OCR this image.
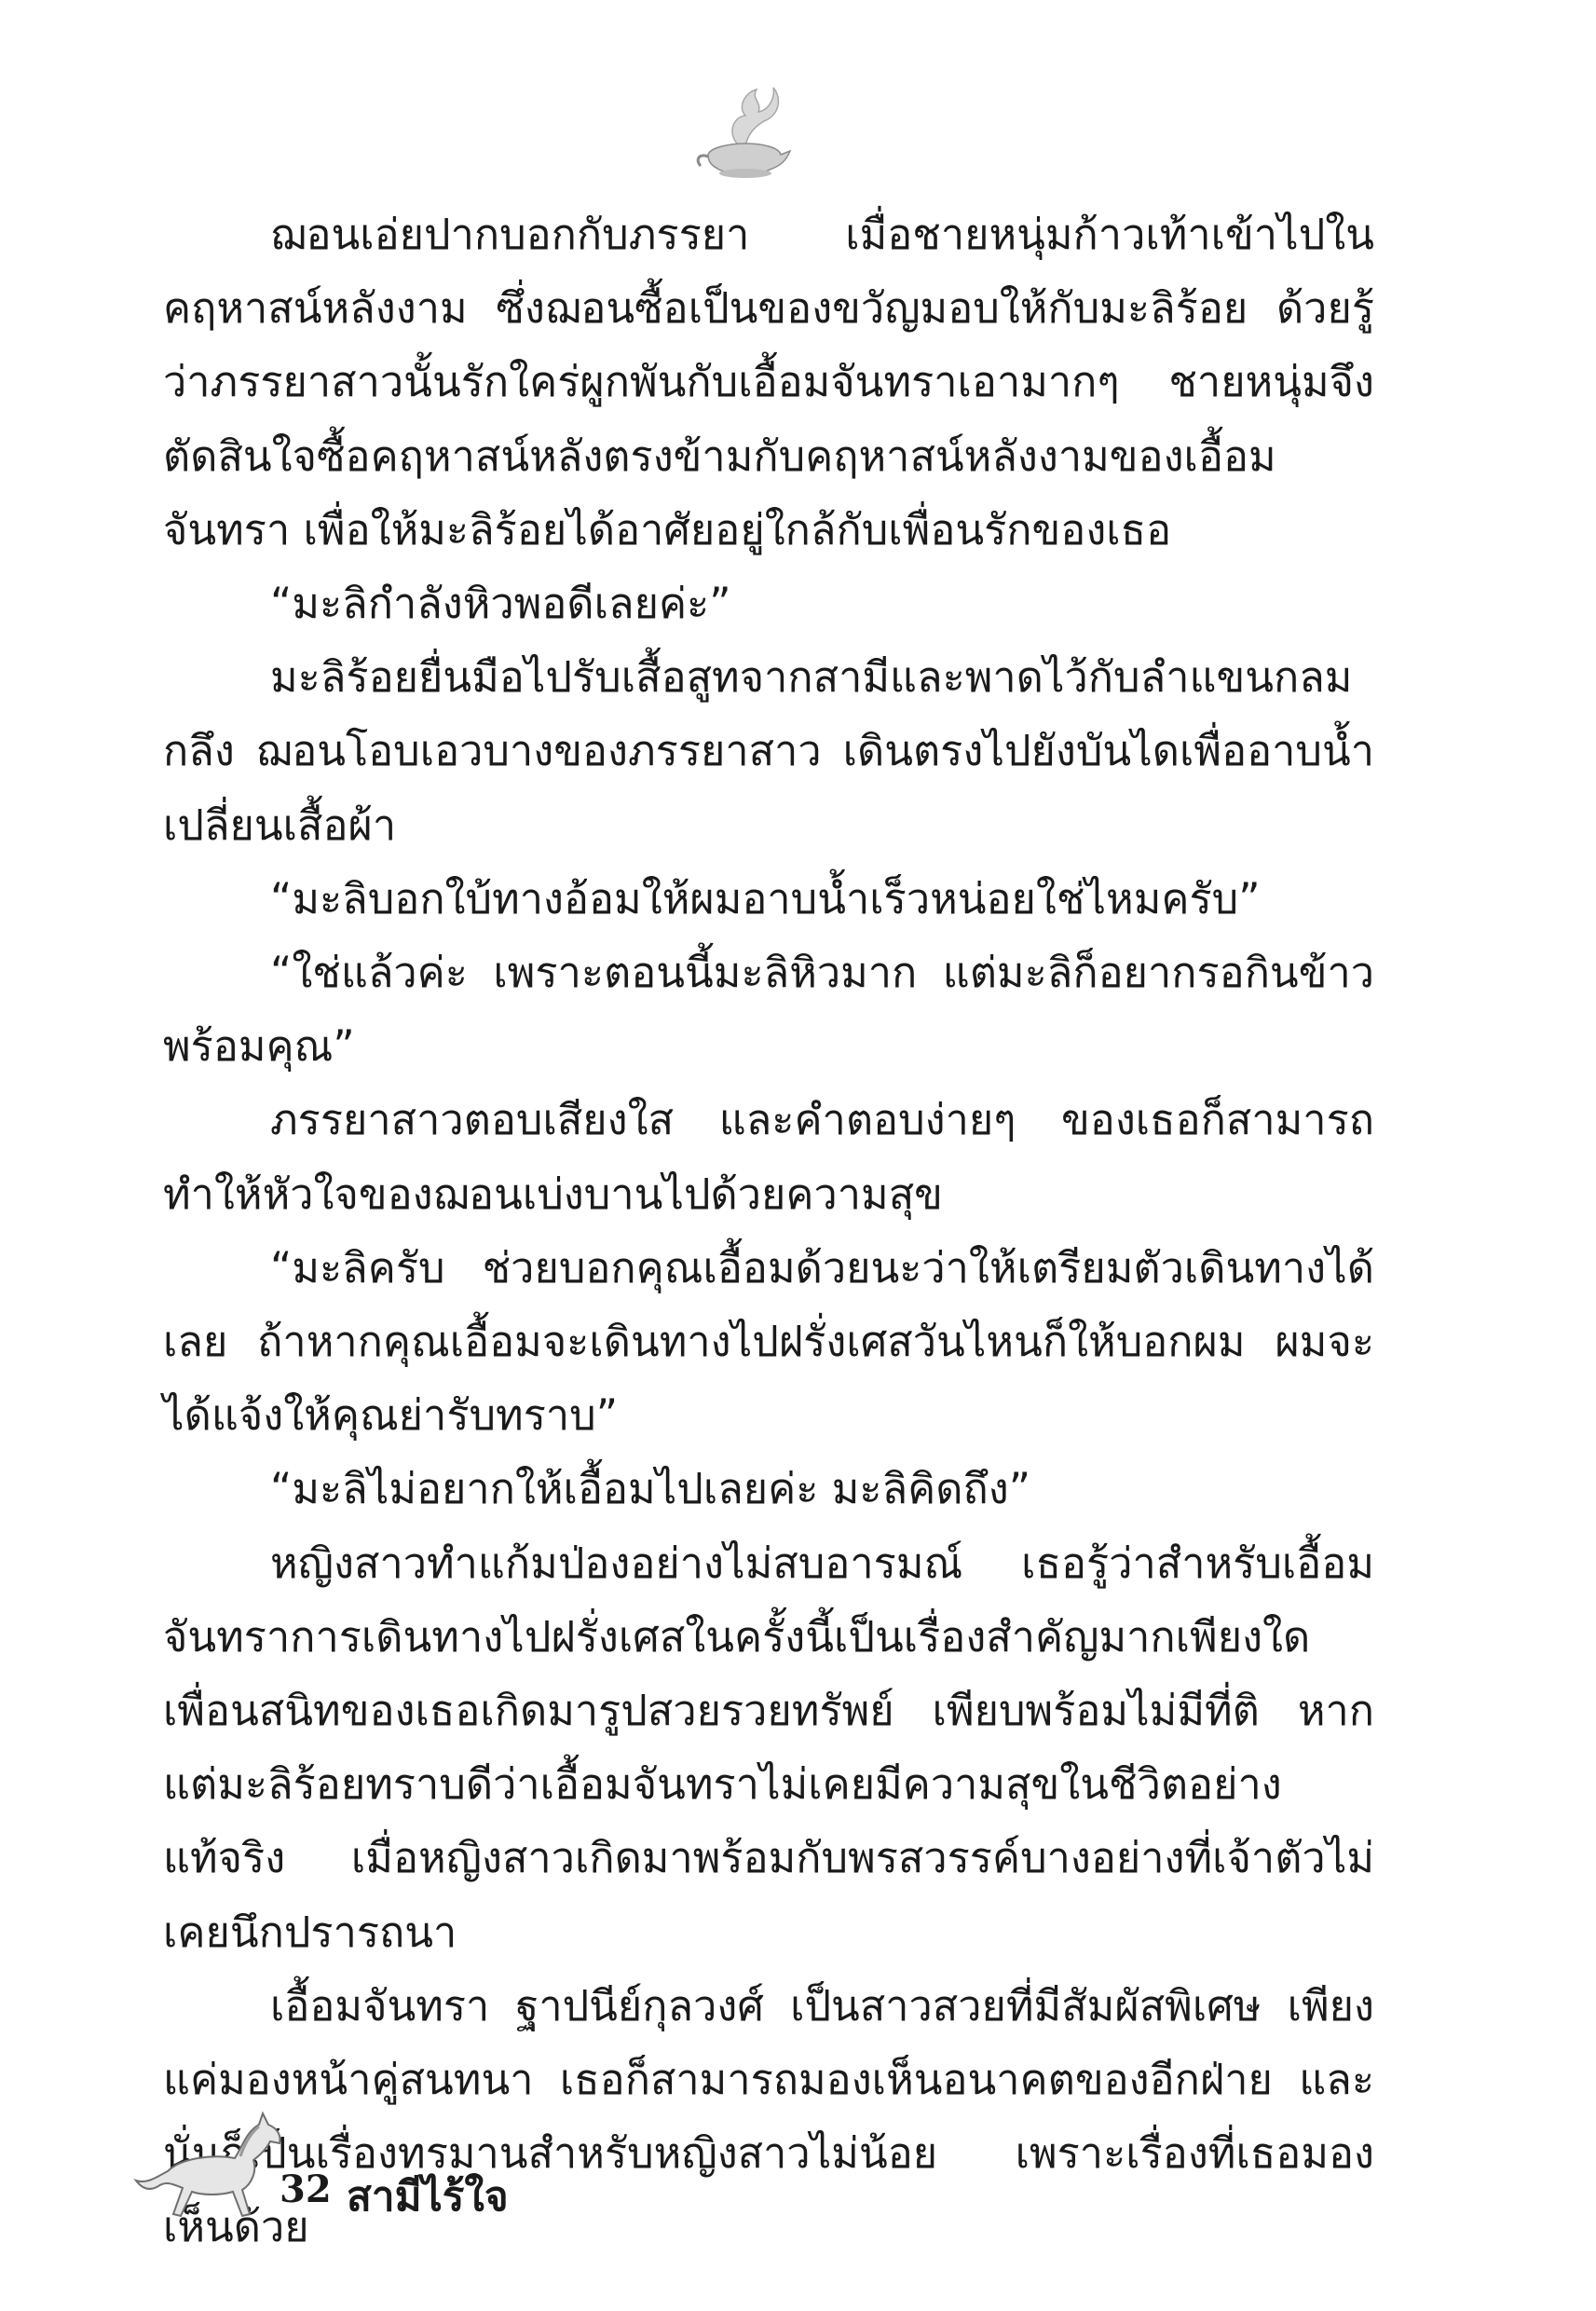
ฌอนเอ่ยปากบอกกับภรรยา เมื่อชายหนุ่มก้าวเท้าเข้าไปในคฤหาสน์หลังงาม ซึ่งฌอนซื้อเป็นของขวัญมอบให้กับมะลิร้อย ด้วยรู้ว่าภรรยาสาวนั้นรักใคร่ผูกพันกับเอื้อมจันทราเอามากๆ ชายหนุ่มจึงตัดสินใจซื้อคฤหาสน์หลังตรงข้ามกับคฤหาสน์หลังงามของเอื้อมจันทรา เพื่อให้มะลิร้อยได้อาศัยอยู่ใกล้กับเพื่อนรักของเธอ

“มะลิกำลังหิวพอดีเลยค่ะ”

มะลิร้อยยื่นมือไปรับเสื้อสูทจากสามีและพาดไว้กับลำแขนกลมกลึง ฌอนโอบเอวบางของภรรยาสาว เดินตรงไปยังบันไดเพื่ออาบน้ำเปลี่ยนเสื้อผ้า

“มะลิบอกใบ้ทางอ้อมให้ผมอาบน้ำเร็วหน่อยใช่ไหมครับ”

“ใช่แล้วค่ะ เพราะตอนนี้มะลิหิวมาก แต่มะลิก็อยากรอกินข้าวพร้อมคุณ”

ภรรยาสาวตอบเสียงใส และคำตอบง่ายๆ ของเธอก็สามารถทำให้หัวใจของฌอนเบ่งบานไปด้วยความสุข

“มะลิครับ ช่วยบอกคุณเอื้อมด้วยนะว่าให้เตรียมตัวเดินทางได้เลย ถ้าหากคุณเอื้อมจะเดินทางไปฝรั่งเศสวันไหนก็ให้บอกผม ผมจะได้แจ้งให้คุณย่ารับทราบ”

“มะลิไม่อยากให้เอื้อมไปเลยค่ะ มะลิคิดถึง”

หญิงสาวทำแก้มป่องอย่างไม่สบอารมณ์ เธอรู้ว่าสำหรับเอื้อมจันทราการเดินทางไปฝรั่งเศสในครั้งนี้เป็นเรื่องสำคัญมากเพียงใด เพื่อนสนิทของเธอเกิดมารูปสวยรวยทรัพย์ เพียบพร้อมไม่มีที่ติ หากแต่มะลิร้อยทราบดีว่าเอื้อมจันทราไม่เคยมีความสุขในชีวิตอย่างแท้จริง เมื่อหญิงสาวเกิดมาพร้อมกับพรสวรรค์บางอย่างที่เจ้าตัวไม่เคยนึกปรารถนา

เอื้อมจันทรา ฐาปนีย์กุลวงศ์ เป็นสาวสวยที่มีสัมผัสพิเศษ เพียงแค่มองหน้าคู่สนทนา เธอก็สามารถมองเห็นอนาคตของอีกฝ่าย และนั่นก็เป็นเรื่องทรมานสำหรับหญิงสาวไม่น้อย เพราะเรื่องที่เธอมองเห็นด้วย

32 สามีไร้ใจ
